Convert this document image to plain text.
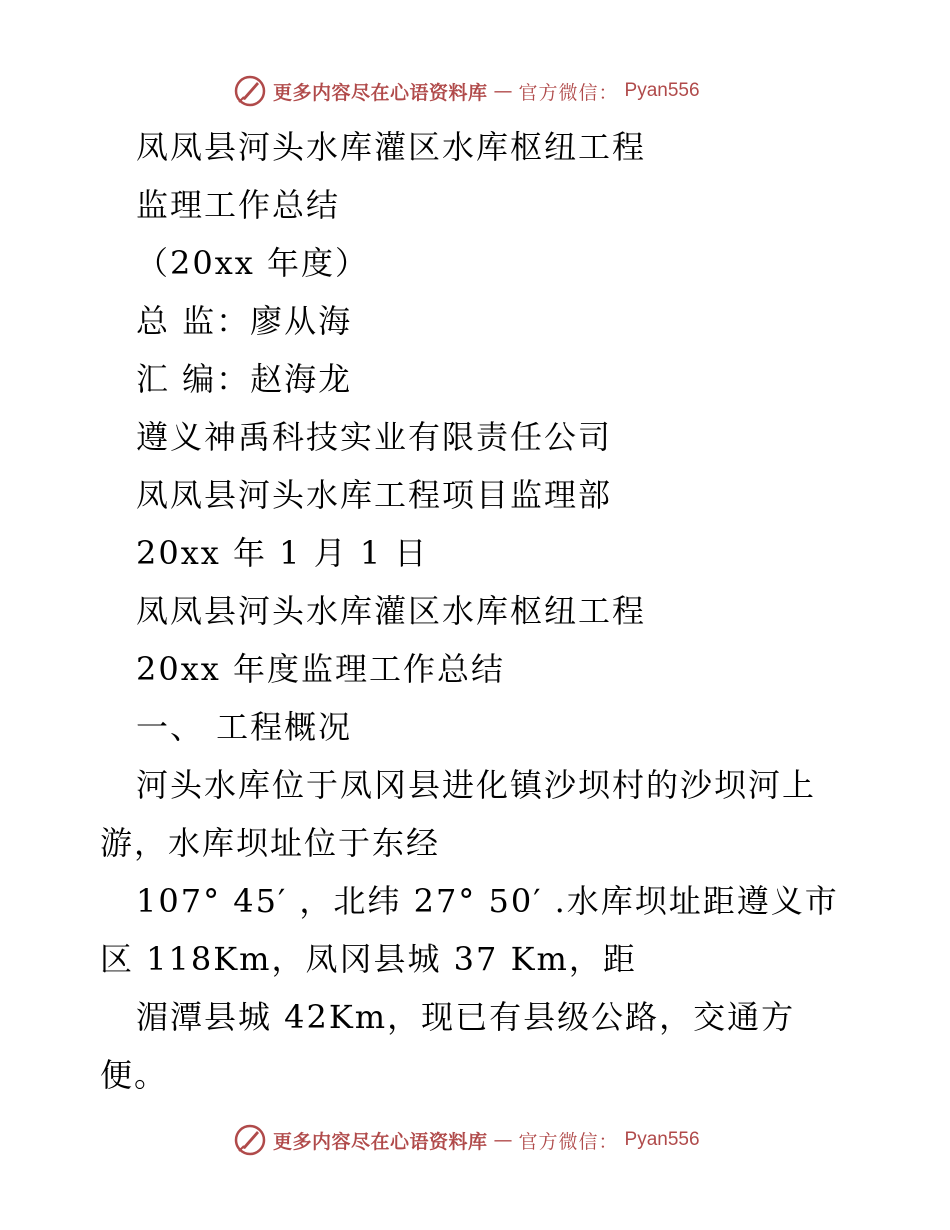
更多内容尽在心语资料库 — 官方微信： Pyan556

凤凤县河头水库灌区水库枢纽工程

监理工作总结

（20xx 年度）

总 监：廖从海

汇 编：赵海龙

遵义神禹科技实业有限责任公司

凤凤县河头水库工程项目监理部

20xx 年 1 月 1 日

凤凤县河头水库灌区水库枢纽工程

20xx 年度监理工作总结

一、 工程概况

河头水库位于凤冈县进化镇沙坝村的沙坝河上游，水库坝址位于东经

107° 45′ ，北纬 27° 50′ .水库坝址距遵义市区 118Km，凤冈县城 37 Km，距

湄潭县城 42Km，现已有县级公路，交通方便。

更多内容尽在心语资料库 — 官方微信： Pyan556
